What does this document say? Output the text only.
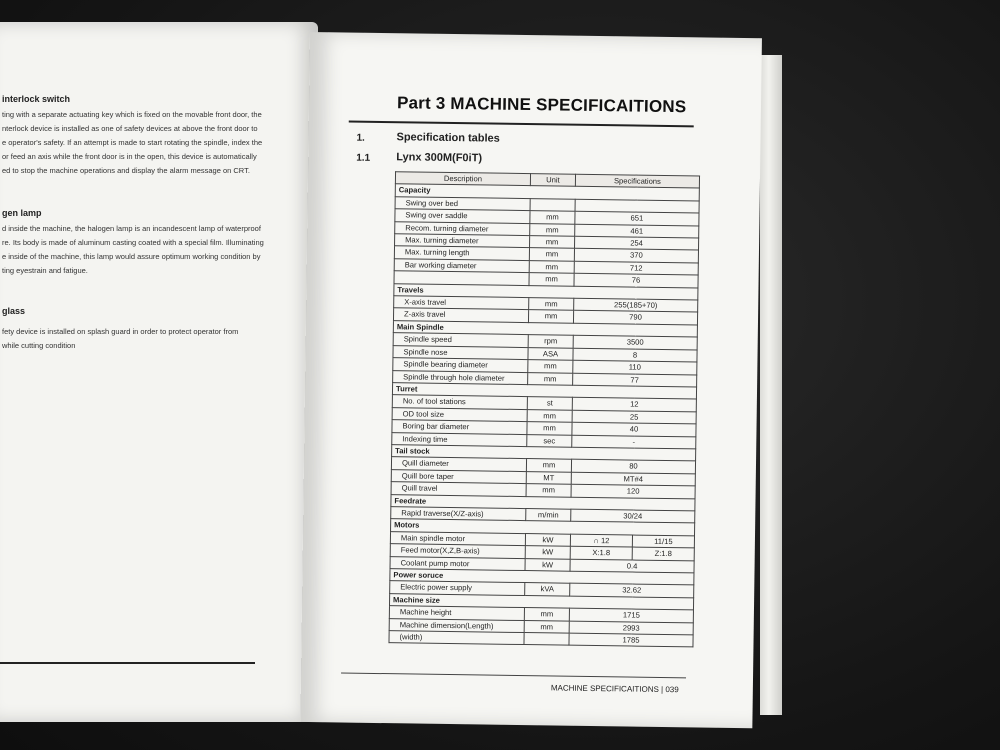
interlock switch
ting with a separate actuating key which is fixed on the movable front door, the
nterlock device is installed as one of safety devices at above the front door to
e operator's safety. If an attempt is made to start rotating the spindle, index the
or feed an axis while the front door is in the open, this device is automatically
ed to stop the machine operations and display the alarm message on CRT.
gen lamp
d inside the machine, the halogen lamp is an incandescent lamp of waterproof
re. Its body is made of aluminum casting coated with a special film. Illuminating
e inside of the machine, this lamp would assure optimum working condition by
ting eyestrain and fatigue.
glass
fety device is installed on splash guard in order to protect operator from
while cutting condition
Part 3 MACHINE SPECIFICAITIONS
1.	Specification tables
1.1 Lynx 300M(F0iT)
Description	Unit	Specifications	
Capacity			
Swing over bed			
Swing over saddle	mm	651	
Recom. turning diameter	mm	461	
Max. turning diameter	mm	254	
Max. turning length	mm	370	
Bar working diameter	mm	712	
	mm	76	
Travels			
X-axis travel	mm	255(185+70)	
Z-axis travel	mm	790	
Main Spindle			
Spindle speed	rpm	3500	
Spindle nose	ASA	8	
Spindle bearing diameter	mm	110	
Spindle through hole diameter	mm	77	
Turret			
No. of tool stations	st	12	
OD tool size	mm	25	
Boring bar diameter	mm	40	
Indexing time	sec	-	
Tail stock			
Quill diameter	mm	80	
Quill bore taper	MT	MT#4	
Quill travel	mm	120	
Feedrate			
Rapid traverse(X/Z-axis)	m/min	30/24	
Motors			
Main spindle motor	kW	∩ 12	11/15
Feed motor(X,Z,B-axis)	kW	X:1.8	Z:1.8
Coolant pump motor	kW	0.4	
Power soruce			
Electric power supply	kVA	32.62	
Machine size			
Machine height	mm	1715	
Machine dimension(Length)	mm	2993	
(width)		1785	
MACHINE SPECIFICAITIONS | 039
